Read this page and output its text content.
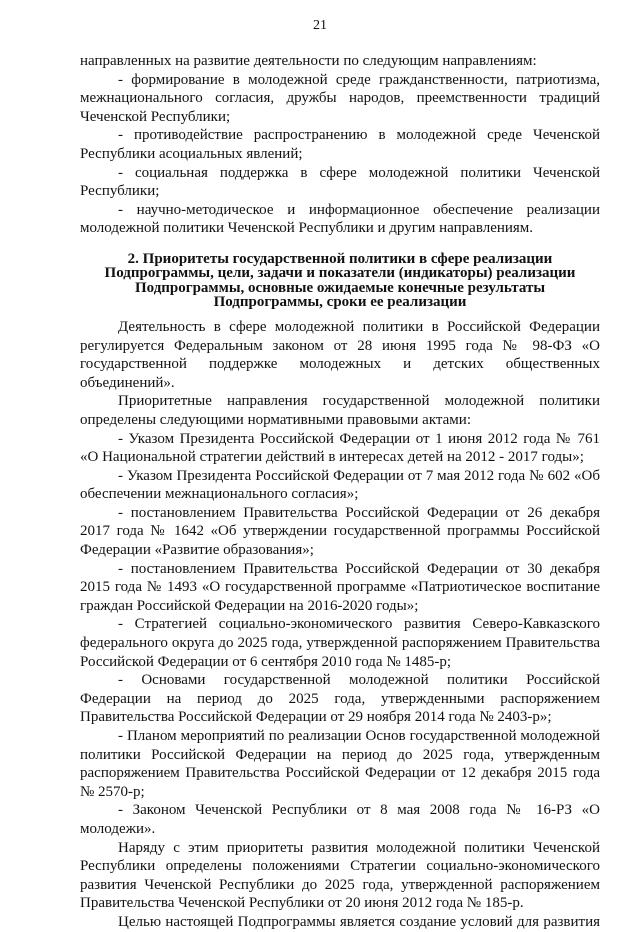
21

направленных на развитие деятельности по следующим направлениям:

- формирование в молодежной среде гражданственности, патриотизма, межнационального согласия, дружбы народов, преемственности традиций Чеченской Республики;

- противодействие распространению в молодежной среде Чеченской Республики асоциальных явлений;

- социальная поддержка в сфере молодежной политики Чеченской Республики;

- научно-методическое и информационное обеспечение реализации молодежной политики Чеченской Республики и другим направлениям.

2. Приоритеты государственной политики в сфере реализации Подпрограммы, цели, задачи и показатели (индикаторы) реализации Подпрограммы, основные ожидаемые конечные результаты Подпрограммы, сроки ее реализации

Деятельность в сфере молодежной политики в Российской Федерации регулируется Федеральным законом от 28 июня 1995 года № 98-ФЗ «О государственной поддержке молодежных и детских общественных объединений».

Приоритетные направления государственной молодежной политики определены следующими нормативными правовыми актами:

- Указом Президента Российской Федерации от 1 июня 2012 года № 761 «О Национальной стратегии действий в интересах детей на 2012 - 2017 годы»;

- Указом Президента Российской Федерации от 7 мая 2012 года № 602 «Об обеспечении межнационального согласия»;

- постановлением Правительства Российской Федерации от 26 декабря 2017 года № 1642 «Об утверждении государственной программы Российской Федерации «Развитие образования»;

- постановлением Правительства Российской Федерации от 30 декабря 2015 года № 1493 «О государственной программе «Патриотическое воспитание граждан Российской Федерации на 2016-2020 годы»;

- Стратегией социально-экономического развития Северо-Кавказского федерального округа до 2025 года, утвержденной распоряжением Правительства Российской Федерации от 6 сентября 2010 года № 1485-р;

- Основами государственной молодежной политики Российской Федерации на период до 2025 года, утвержденными распоряжением Правительства Российской Федерации от 29 ноября 2014 года № 2403-р»;

- Планом мероприятий по реализации Основ государственной молодежной политики Российской Федерации на период до 2025 года, утвержденным распоряжением Правительства Российской Федерации от 12 декабря 2015 года № 2570-р;

- Законом Чеченской Республики от 8 мая 2008 года № 16-РЗ «О молодежи».

Наряду с этим приоритеты развития молодежной политики Чеченской Республики определены положениями Стратегии социально-экономического развития Чеченской Республики до 2025 года, утвержденной распоряжением Правительства Чеченской Республики от 20 июня 2012 года № 185-р.

Целью настоящей Подпрограммы является создание условий для развития
